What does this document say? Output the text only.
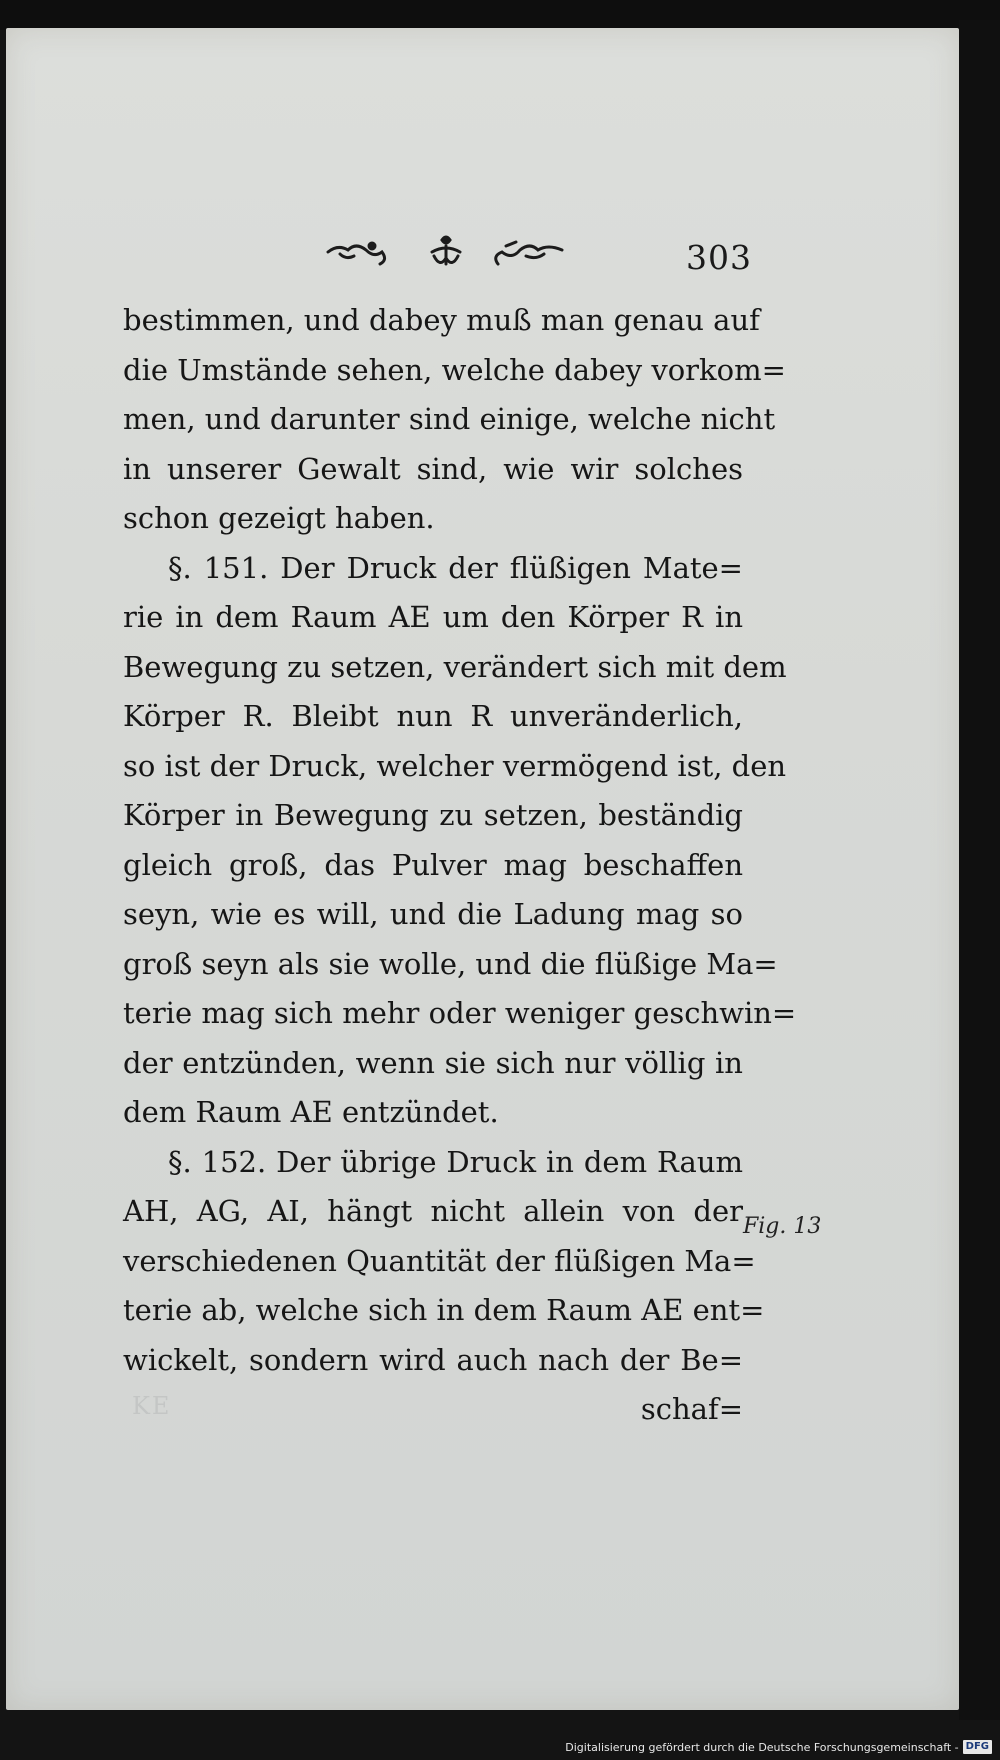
303
bestimmen, und dabey muß man genau auf
die Umstände sehen, welche dabey vorkom=
men, und darunter sind einige, welche nicht
in unserer Gewalt sind, wie wir solches
schon gezeigt haben.
§. 151. Der Druck der flüßigen Mate=
rie in dem Raum AE um den Körper R in
Bewegung zu setzen, verändert sich mit dem
Körper R. Bleibt nun R unveränderlich,
so ist der Druck, welcher vermögend ist, den
Körper in Bewegung zu setzen, beständig
gleich groß, das Pulver mag beschaffen
seyn, wie es will, und die Ladung mag so
groß seyn als sie wolle, und die flüßige Ma=
terie mag sich mehr oder weniger geschwin=
der entzünden, wenn sie sich nur völlig in
dem Raum AE entzündet.
§. 152. Der übrige Druck in dem Raum
AH, AG, AI, hängt nicht allein von der
verschiedenen Quantität der flüßigen Ma=
terie ab, welche sich in dem Raum AE ent=
wickelt, sondern wird auch nach der Be=
schaf=
Fig. 13
KE
Digitalisierung gefördert durch die Deutsche Forschungsgemeinschaft - DFG
